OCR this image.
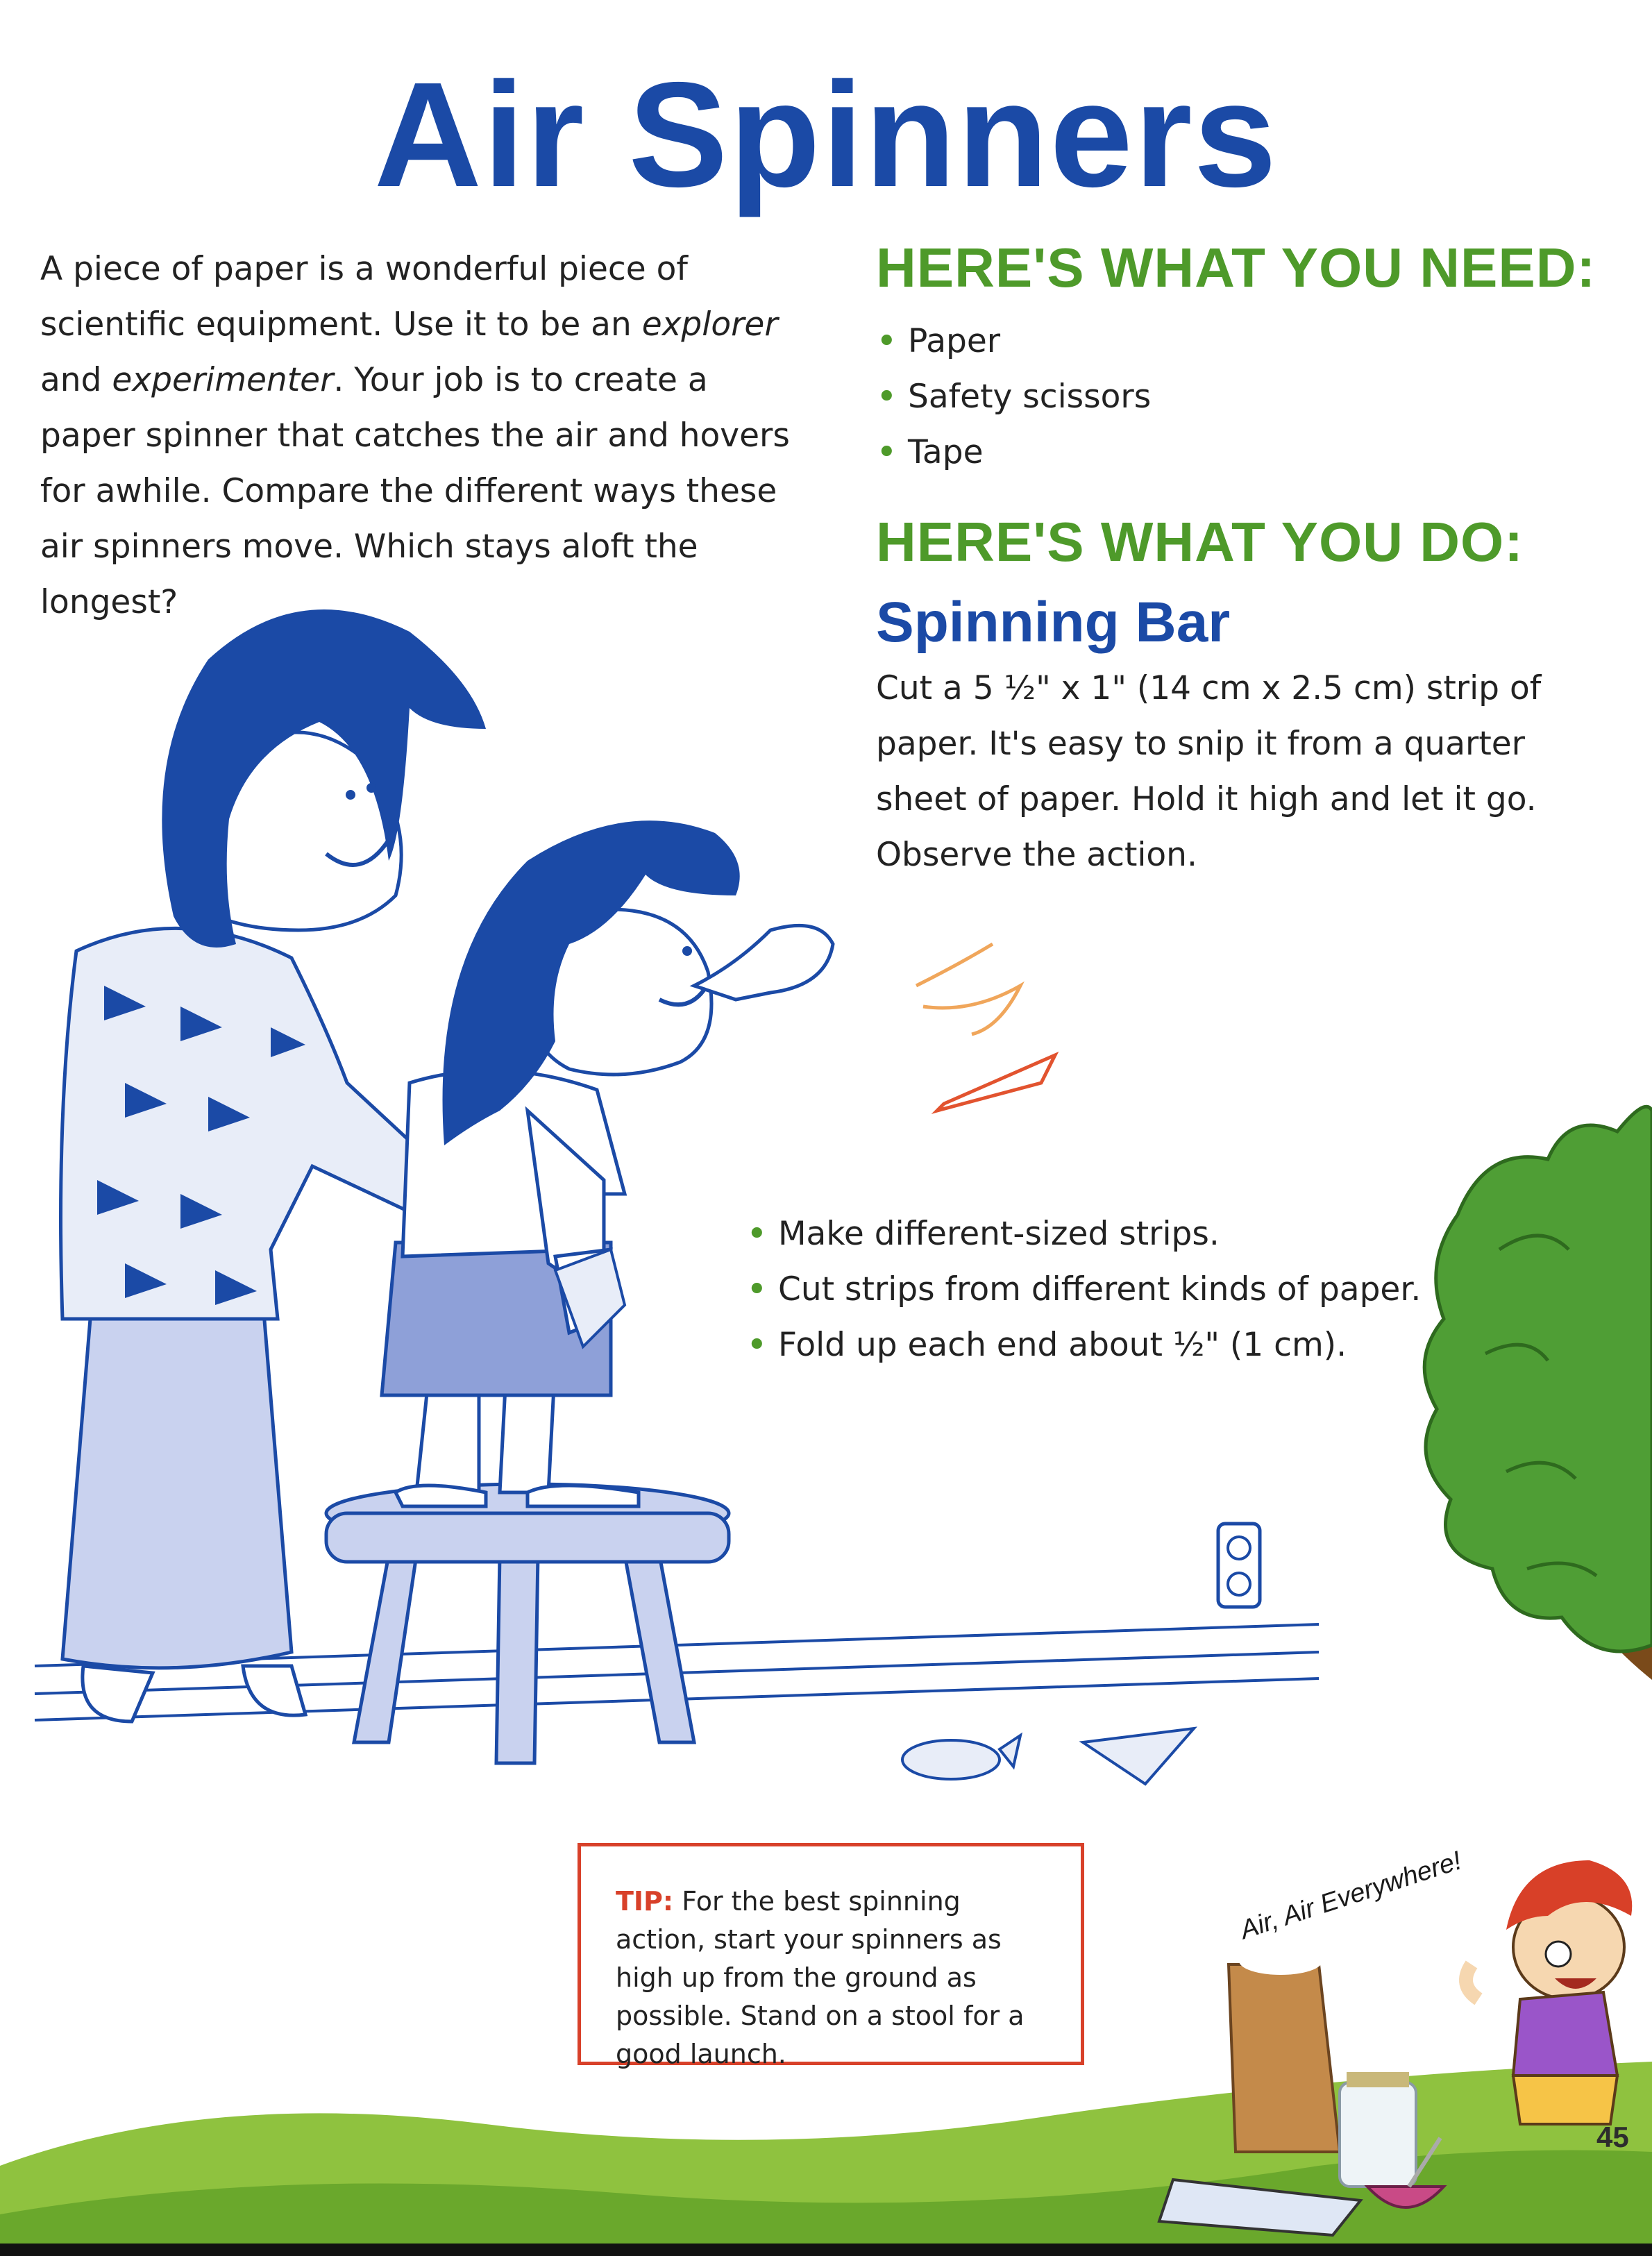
Air Spinners
A piece of paper is a wonderful piece of scientific equipment. Use it to be an explorer and experimenter. Your job is to create a paper spinner that catches the air and hovers for awhile. Compare the different ways these air spinners move. Which stays aloft the longest?
HERE'S WHAT YOU NEED:
• Paper
• Safety scissors
• Tape
HERE'S WHAT YOU DO:
Spinning Bar
Cut a 5 ½" x 1" (14 cm x 2.5 cm) strip of paper. It's easy to snip it from a quarter sheet of paper. Hold it high and let it go. Observe the action.
• Make different-sized strips.
• Cut strips from different kinds of paper.
• Fold up each end about ½" (1 cm).
TIP: For the best spinning action, start your spinners as high up from the ground as possible. Stand on a stool for a good launch.
Air, Air Everywhere!
45
